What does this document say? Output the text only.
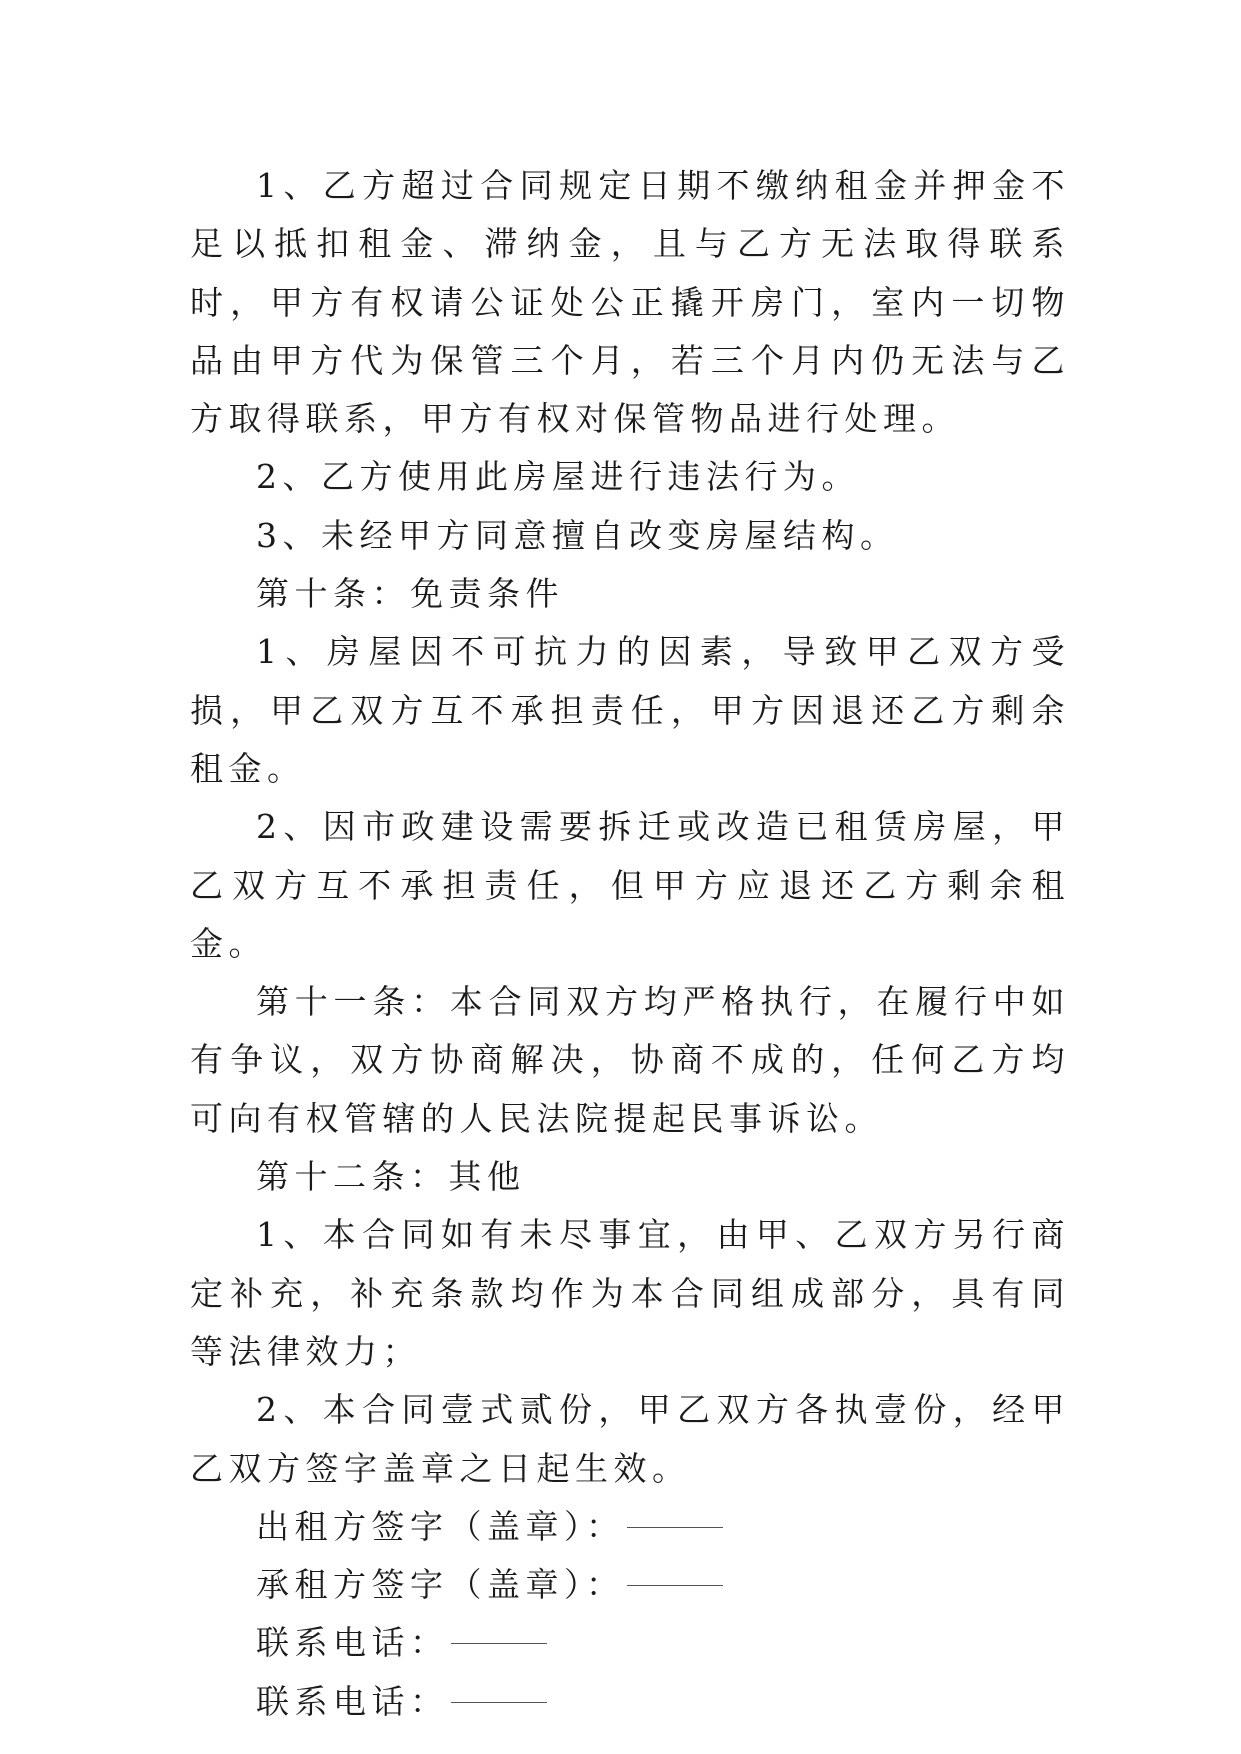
1、乙方超过合同规定日期不缴纳租金并押金不足以抵扣租金、滞纳金，且与乙方无法取得联系时，甲方有权请公证处公正撬开房门，室内一切物品由甲方代为保管三个月，若三个月内仍无法与乙方取得联系，甲方有权对保管物品进行处理。

2、乙方使用此房屋进行违法行为。

3、未经甲方同意擅自改变房屋结构。

第十条：免责条件

1、房屋因不可抗力的因素，导致甲乙双方受损，甲乙双方互不承担责任，甲方因退还乙方剩余租金。

2、因市政建设需要拆迁或改造已租赁房屋，甲乙双方互不承担责任，但甲方应退还乙方剩余租金。

第十一条：本合同双方均严格执行，在履行中如有争议，双方协商解决，协商不成的，任何乙方均可向有权管辖的人民法院提起民事诉讼。

第十二条：其他

1、本合同如有未尽事宜，由甲、乙双方另行商定补充，补充条款均作为本合同组成部分，具有同等法律效力；

2、本合同壹式贰份，甲乙双方各执壹份，经甲乙双方签字盖章之日起生效。

出租方签字（盖章）：

承租方签字（盖章）：

联系电话：

联系电话：
